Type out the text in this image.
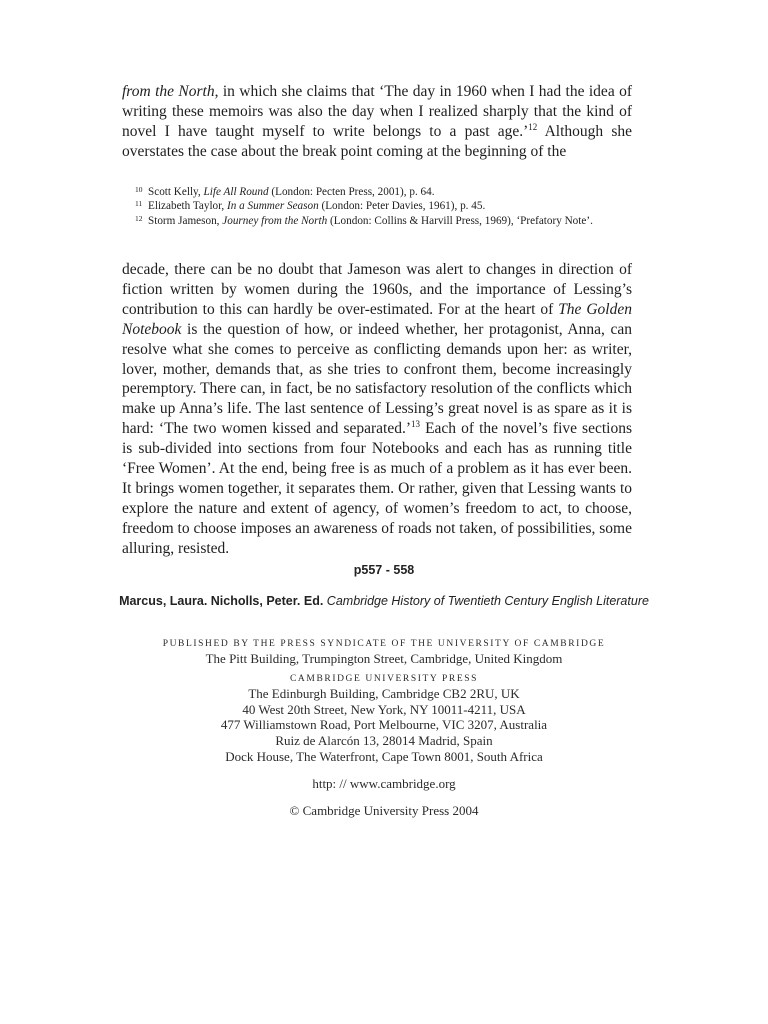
from the North, in which she claims that ‘The day in 1960 when I had the idea of writing these memoirs was also the day when I realized sharply that the kind of novel I have taught myself to write belongs to a past age.’$^{12}$ Although she overstates the case about the break point coming at the beginning of the

10 Scott Kelly, Life All Round (London: Pecten Press, 2001), p. 64.
11 Elizabeth Taylor, In a Summer Season (London: Peter Davies, 1961), p. 45.
12 Storm Jameson, Journey from the North (London: Collins & Harvill Press, 1969), ‘Prefatory Note’.

decade, there can be no doubt that Jameson was alert to changes in direction of fiction written by women during the 1960s, and the importance of Lessing’s contribution to this can hardly be over-estimated. For at the heart of The Golden Notebook is the question of how, or indeed whether, her protagonist, Anna, can resolve what she comes to perceive as conflicting demands upon her: as writer, lover, mother, demands that, as she tries to confront them, become increasingly peremptory. There can, in fact, be no satisfactory resolution of the conflicts which make up Anna’s life. The last sentence of Lessing’s great novel is as spare as it is hard: ‘The two women kissed and separated.’$^{13}$ Each of the novel’s five sections is sub-divided into sections from four Notebooks and each has as running title ‘Free Women’. At the end, being free is as much of a problem as it has ever been. It brings women together, it separates them. Or rather, given that Lessing wants to explore the nature and extent of agency, of women’s freedom to act, to choose, freedom to choose imposes an awareness of roads not taken, of possibilities, some alluring, resisted.

p557 - 558
Marcus, Laura. Nicholls, Peter. Ed. Cambridge History of Twentieth Century English Literature
PUBLISHED BY THE PRESS SYNDICATE OF THE UNIVERSITY OF CAMBRIDGE
The Pitt Building, Trumpington Street, Cambridge, United Kingdom
CAMBRIDGE UNIVERSITY PRESS
The Edinburgh Building, Cambridge CB2 2RU, UK
40 West 20th Street, New York, NY 10011-4211, USA
477 Williamstown Road, Port Melbourne, VIC 3207, Australia
Ruiz de Alarcón 13, 28014 Madrid, Spain
Dock House, The Waterfront, Cape Town 8001, South Africa
http: // www.cambridge.org
© Cambridge University Press 2004
